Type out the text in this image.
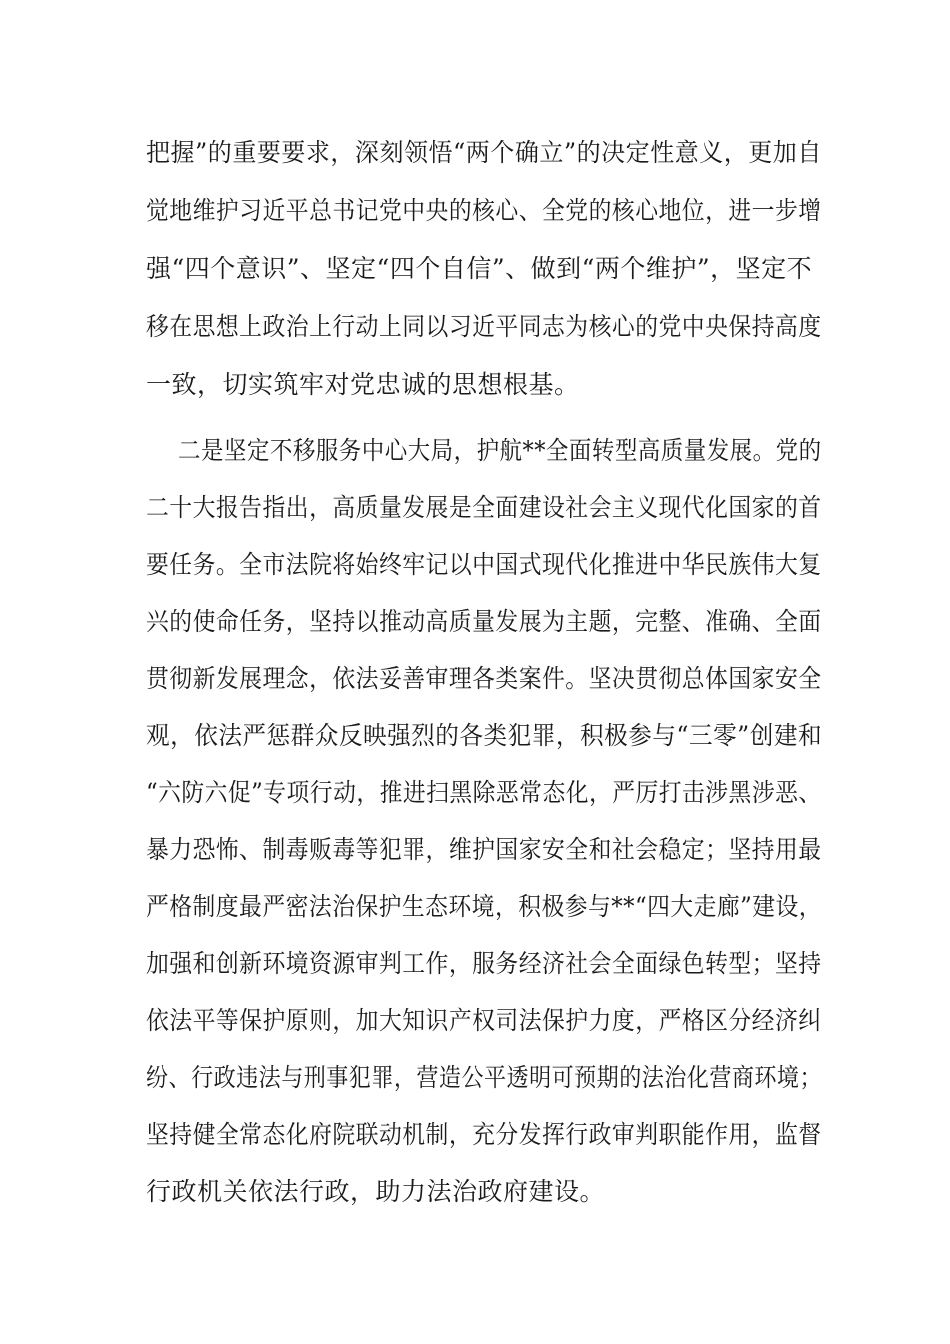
把握”的重要要求，深刻领悟“两个确立”的决定性意义，更加自
觉地维护习近平总书记党中央的核心、全党的核心地位，进一步增
强“四个意识”、坚定“四个自信”、做到“两个维护”，坚定不
移在思想上政治上行动上同以习近平同志为核心的党中央保持高度
一致，切实筑牢对党忠诚的思想根基。
二是坚定不移服务中心大局，护航**全面转型高质量发展。党的
二十大报告指出，高质量发展是全面建设社会主义现代化国家的首
要任务。全市法院将始终牢记以中国式现代化推进中华民族伟大复
兴的使命任务，坚持以推动高质量发展为主题，完整、准确、全面
贯彻新发展理念，依法妥善审理各类案件。坚决贯彻总体国家安全
观，依法严惩群众反映强烈的各类犯罪，积极参与“三零”创建和
“六防六促”专项行动，推进扫黑除恶常态化，严厉打击涉黑涉恶、
暴力恐怖、制毒贩毒等犯罪，维护国家安全和社会稳定；坚持用最
严格制度最严密法治保护生态环境，积极参与**“四大走廊”建设，
加强和创新环境资源审判工作，服务经济社会全面绿色转型；坚持
依法平等保护原则，加大知识产权司法保护力度，严格区分经济纠
纷、行政违法与刑事犯罪，营造公平透明可预期的法治化营商环境；
坚持健全常态化府院联动机制，充分发挥行政审判职能作用，监督
行政机关依法行政，助力法治政府建设。
